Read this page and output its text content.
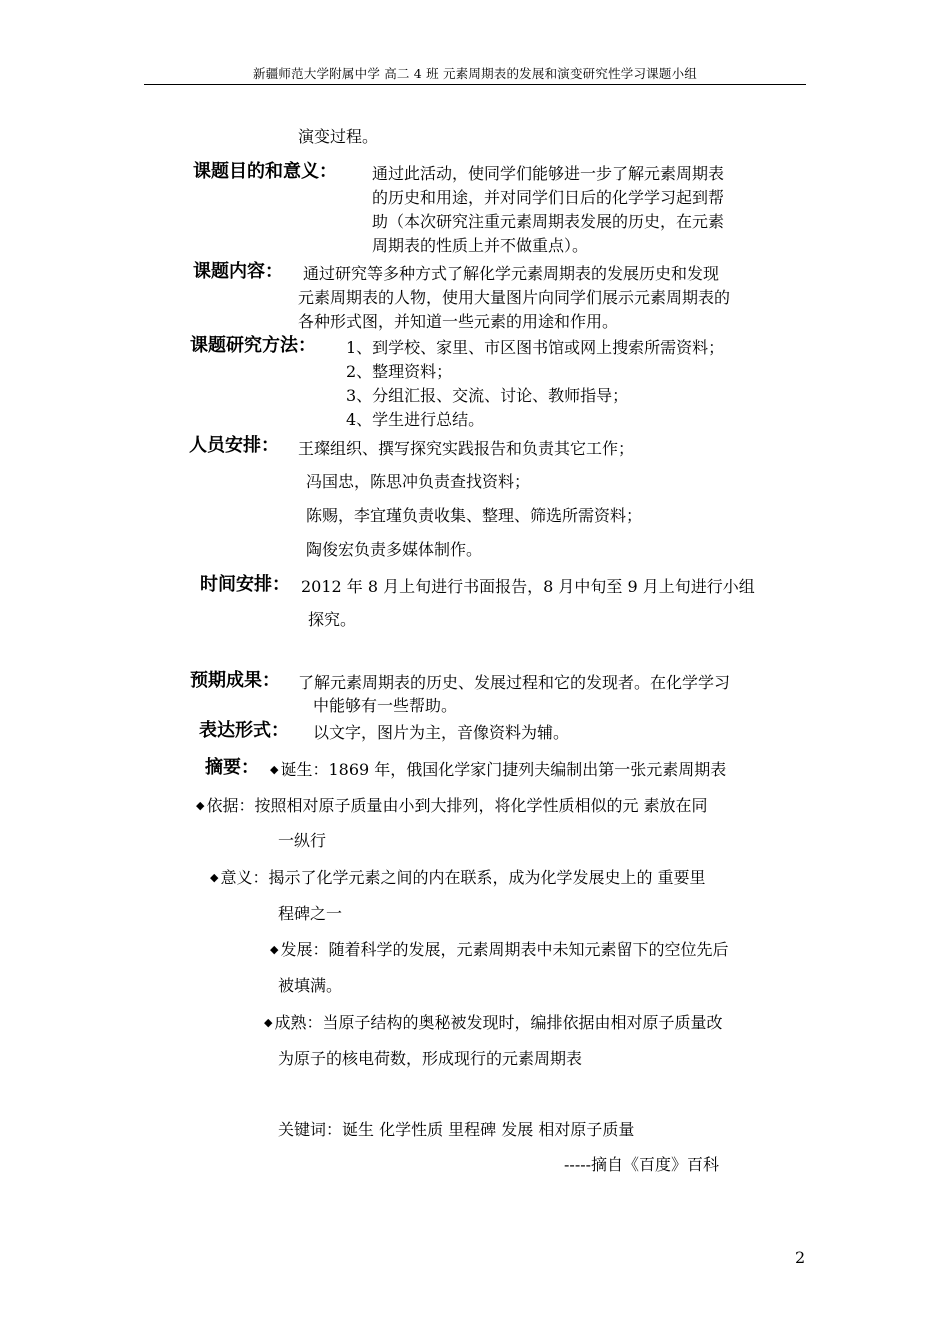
新疆师范大学附属中学 高二 4 班 元素周期表的发展和演变研究性学习课题小组
演变过程。
课题目的和意义： 通过此活动，使同学们能够进一步了解元素周期表
的历史和用途，并对同学们日后的化学学习起到帮
助（本次研究注重元素周期表发展的历史，在元素
周期表的性质上并不做重点）。
课题内容： 通过研究等多种方式了解化学元素周期表的发展历史和发现
元素周期表的人物，使用大量图片向同学们展示元素周期表的
各种形式图，并知道一些元素的用途和作用。
课题研究方法： 1、到学校、家里、市区图书馆或网上搜索所需资料；
2、整理资料；
3、分组汇报、交流、讨论、教师指导；
4、学生进行总结。
人员安排： 王璨组织、撰写探究实践报告和负责其它工作；
冯国忠，陈思冲负责查找资料；
陈赐，李宜瑾负责收集、整理、筛选所需资料；
陶俊宏负责多媒体制作。
时间安排： 2012 年 8 月上旬进行书面报告，8 月中旬至 9 月上旬进行小组
探究。
预期成果： 了解元素周期表的历史、发展过程和它的发现者。在化学学习
中能够有一些帮助。
表达形式： 以文字，图片为主，音像资料为辅。
摘要： ◆ 诞生：1869 年，俄国化学家门捷列夫编制出第一张元素周期表
◆ 依据：按照相对原子质量由小到大排列，将化学性质相似的元 素放在同
一纵行
◆ 意义：揭示了化学元素之间的内在联系，成为化学发展史上的 重要里
程碑之一
◆ 发展：随着科学的发展，元素周期表中未知元素留下的空位先后
被填满。
◆ 成熟：当原子结构的奥秘被发现时，编排依据由相对原子质量改
为原子的核电荷数，形成现行的元素周期表
关键词：诞生 化学性质 里程碑 发展 相对原子质量
-----摘自《百度》百科
2
